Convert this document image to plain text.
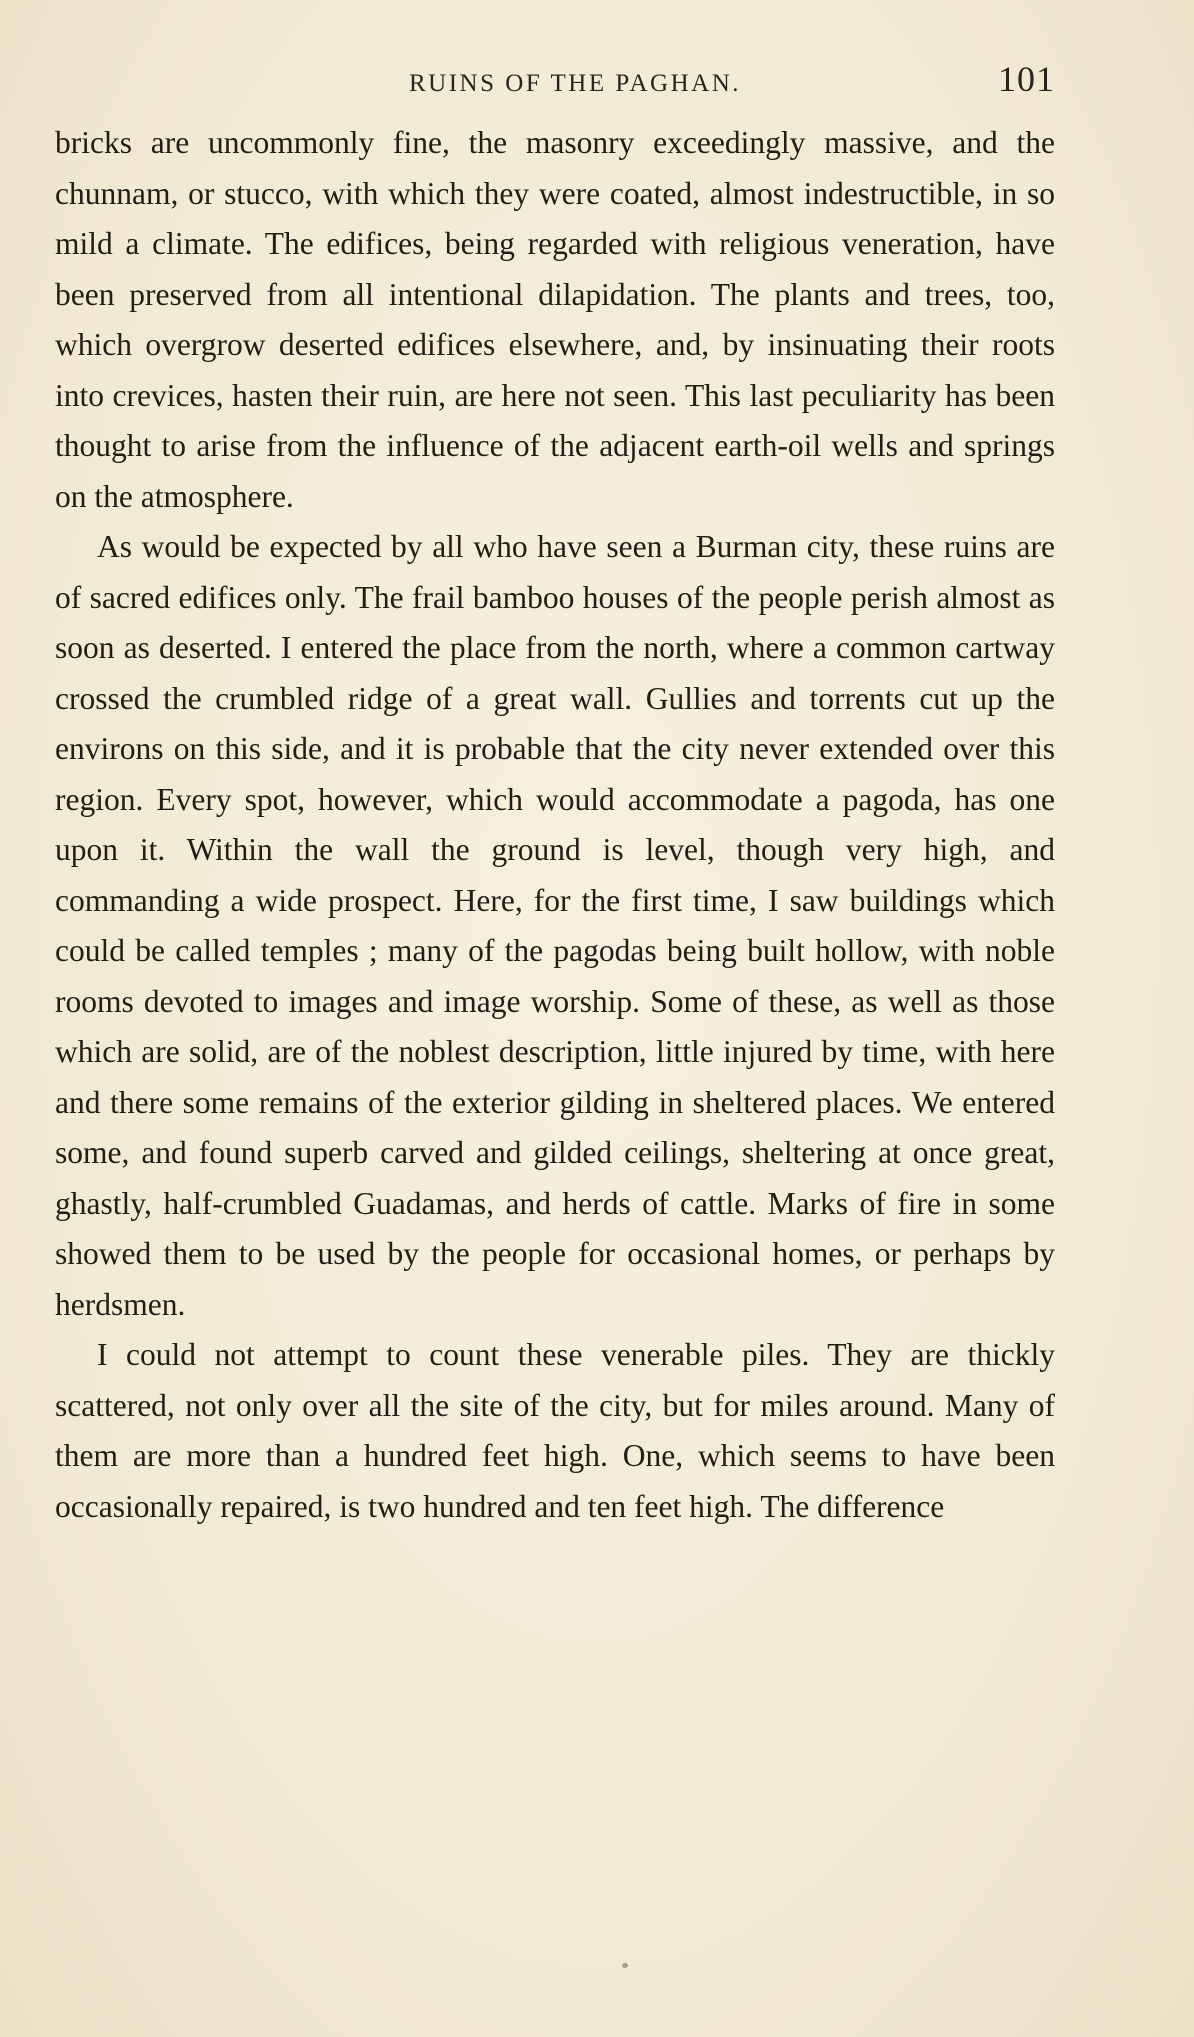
RUINS OF THE PAGHAN.	101

bricks are uncommonly fine, the masonry exceedingly massive, and the chunnam, or stucco, with which they were coated, almost indestructible, in so mild a climate. The edifices, being regarded with religious veneration, have been preserved from all intentional dilapidation. The plants and trees, too, which overgrow deserted edifices elsewhere, and, by insinuating their roots into crevices, hasten their ruin, are here not seen. This last peculiarity has been thought to arise from the influence of the adjacent earth-oil wells and springs on the atmosphere.

As would be expected by all who have seen a Burman city, these ruins are of sacred edifices only. The frail bamboo houses of the people perish almost as soon as deserted. I entered the place from the north, where a common cartway crossed the crumbled ridge of a great wall. Gullies and torrents cut up the environs on this side, and it is probable that the city never extended over this region. Every spot, however, which would accommodate a pagoda, has one upon it. Within the wall the ground is level, though very high, and commanding a wide prospect. Here, for the first time, I saw buildings which could be called temples ; many of the pagodas being built hollow, with noble rooms devoted to images and image worship. Some of these, as well as those which are solid, are of the noblest description, little injured by time, with here and there some remains of the exterior gilding in sheltered places. We entered some, and found superb carved and gilded ceilings, sheltering at once great, ghastly, half-crumbled Guadamas, and herds of cattle. Marks of fire in some showed them to be used by the people for occasional homes, or perhaps by herdsmen.

I could not attempt to count these venerable piles. They are thickly scattered, not only over all the site of the city, but for miles around. Many of them are more than a hundred feet high. One, which seems to have been occasionally repaired, is two hundred and ten feet high. The difference
